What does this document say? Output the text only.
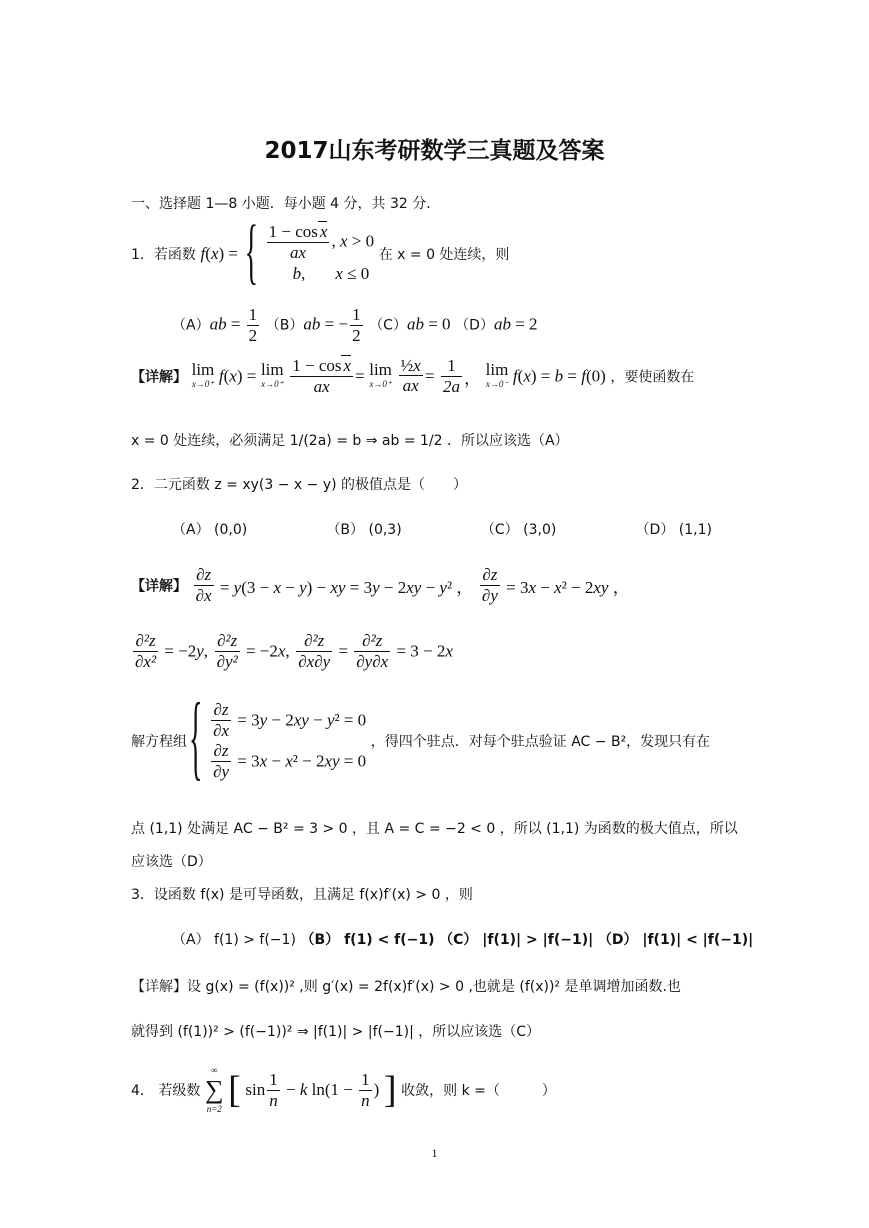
2017山东考研数学三真题及答案
一、选择题 1—8 小题．每小题 4 分，共 32 分．
1．若函数 f(x) = { $\frac{\text{1 − cos x}}{ax}$ , x > 0
b, x ≤ 0
在 x = 0 处连续，则
$(A)ab = \frac{1}{2} (B)ab$ = − $\frac{1}{2} (C)ab = 0$ （D）ab = 2
【详解】 lim
x→0⁺ f(x) = lim
x→0⁺
$\frac{\text{1 − cos x}}{ax} = \lim$
x→0⁺
$\frac{\text{½x}}{ax} = \frac{1}{2a}$ ， lim
x→0⁻ f(x) = b = f(0) ，要使函数在
x = 0 处连续，必须满足 1/(2a) = b ⇒ ab = 1/2 ．所以应该选（A）
2．二元函数 z = xy(3 − x − y) 的极值点是（　　）
（A） (0,0)	（B） (0,3)	（C） (3,0)	（D） (1,1)
【详解】 $\frac{\partial z}{\partial x} = y(3 - x - y)$ − xy = 3y − 2xy − y² ， $\frac{\partial z}{\partial y} = 3x - x^2 - 2xy$ ，
$\frac{\text{∂²z}}{\text{∂x²}} = -2y$, $\frac{\text{∂²z}}{\text{∂y²}} = -2x$, $\frac{\text{∂²z}}{\partial x\partial y} = \frac{\text{∂²z}}{\partial y\partial x} = 3 - 2x$
解方程组{ $\frac{\partial z}{\partial x} = 3y - 2xy - y^2 = 0$
$\frac{\partial z}{\partial y} = 3x - x^2 - 2xy = 0$
，得四个驻点．对每个驻点验证 AC − B²，发现只有在
点 (1,1) 处满足 AC − B² = 3 > 0 ，且 A = C = −2 < 0 ，所以 (1,1) 为函数的极大值点，所以
应该选（D）
3．设函数 f(x) 是可导函数，且满足 f(x)f′(x) > 0 ，则
（A） f(1) > f(−1) （B） f(1) < f(−1) （C） |f(1)| > |f(−1)| （D） |f(1)| < |f(−1)|
【详解】设 g(x) = (f(x))² ,则 g′(x) = 2f(x)f′(x) > 0 ,也就是 (f(x))² 是单调增加函数.也
就得到 (f(1))² > (f(−1))² ⇒ |f(1)| > |f(−1)| ，所以应该选（C）
4． 若级数
∞
∑
n=2 [ $\sin \frac{1}{n} - k$ $\ln(1 - \frac{1}{n}$ ) ] 收敛，则 k =（　　　）
1
